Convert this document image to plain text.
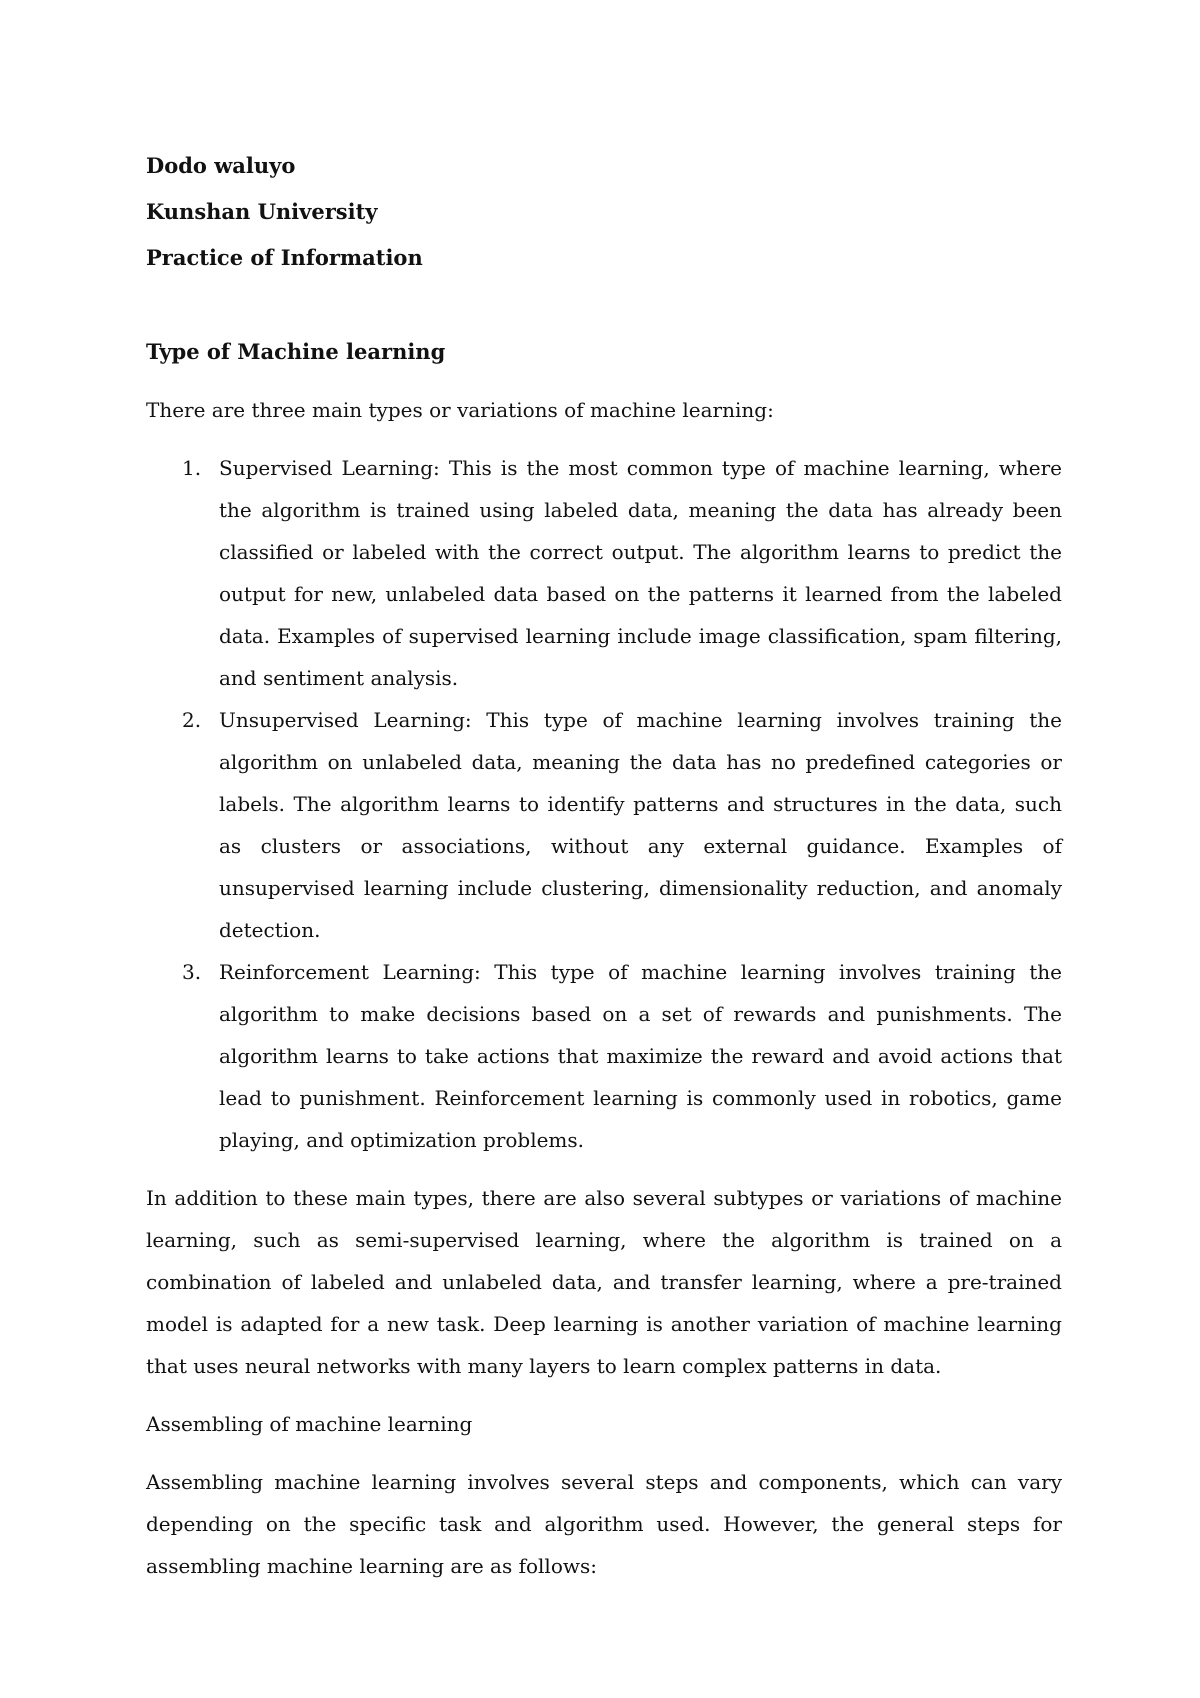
Dodo waluyo
Kunshan University
Practice of Information
Type of Machine learning

There are three main types or variations of machine learning:

1. Supervised Learning: This is the most common type of machine learning, where the algorithm is trained using labeled data, meaning the data has already been classified or labeled with the correct output. The algorithm learns to predict the output for new, unlabeled data based on the patterns it learned from the labeled data. Examples of supervised learning include image classification, spam filtering, and sentiment analysis.
2. Unsupervised Learning: This type of machine learning involves training the algorithm on unlabeled data, meaning the data has no predefined categories or labels. The algorithm learns to identify patterns and structures in the data, such as clusters or associations, without any external guidance. Examples of unsupervised learning include clustering, dimensionality reduction, and anomaly detection.
3. Reinforcement Learning: This type of machine learning involves training the algorithm to make decisions based on a set of rewards and punishments. The algorithm learns to take actions that maximize the reward and avoid actions that lead to punishment. Reinforcement learning is commonly used in robotics, game playing, and optimization problems.

In addition to these main types, there are also several subtypes or variations of machine learning, such as semi-supervised learning, where the algorithm is trained on a combination of labeled and unlabeled data, and transfer learning, where a pre-trained model is adapted for a new task. Deep learning is another variation of machine learning that uses neural networks with many layers to learn complex patterns in data.

Assembling of machine learning

Assembling machine learning involves several steps and components, which can vary depending on the specific task and algorithm used. However, the general steps for assembling machine learning are as follows:
